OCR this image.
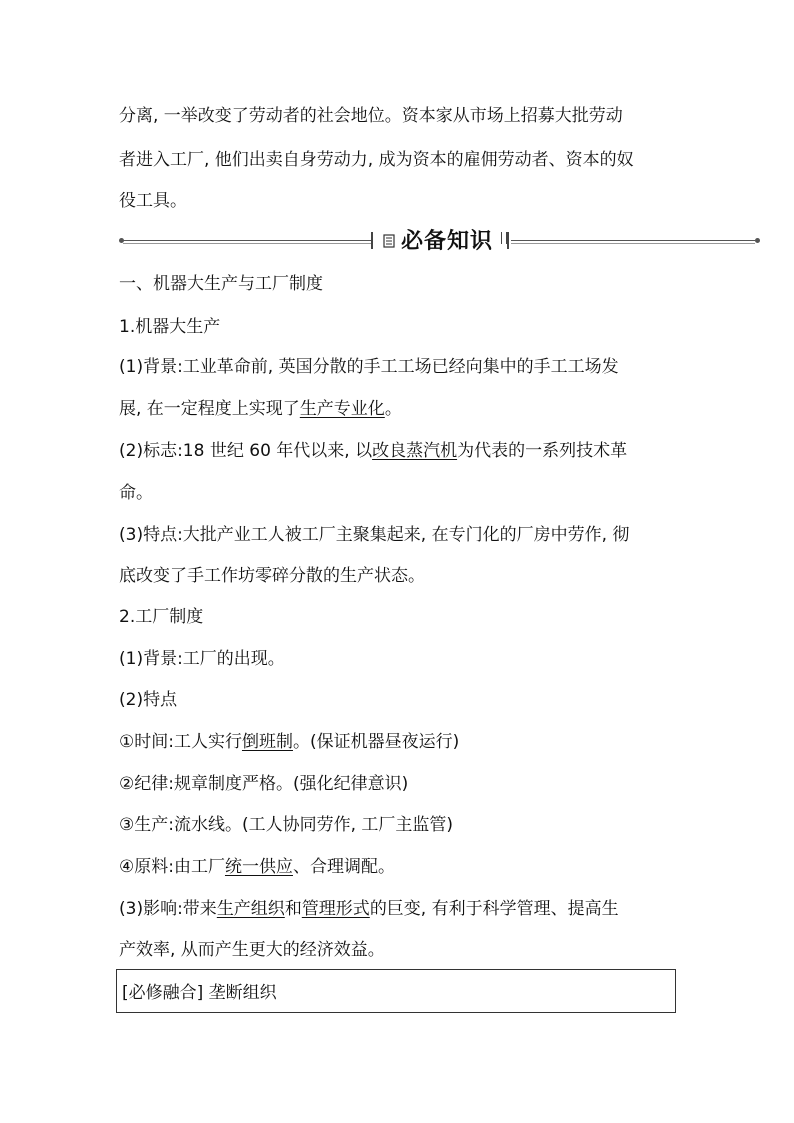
分离, 一举改变了劳动者的社会地位。资本家从市场上招募大批劳动
者进入工厂, 他们出卖自身劳动力, 成为资本的雇佣劳动者、资本的奴
役工具。
必备知识
一、机器大生产与工厂制度
1.机器大生产
(1)背景:工业革命前, 英国分散的手工工场已经向集中的手工工场发
展, 在一定程度上实现了生产专业化。
(2)标志:18 世纪 60 年代以来, 以改良蒸汽机为代表的一系列技术革
命。
(3)特点:大批产业工人被工厂主聚集起来, 在专门化的厂房中劳作, 彻
底改变了手工作坊零碎分散的生产状态。
2.工厂制度
(1)背景:工厂的出现。
(2)特点
①时间:工人实行倒班制。(保证机器昼夜运行)
②纪律:规章制度严格。(强化纪律意识)
③生产:流水线。(工人协同劳作, 工厂主监管)
④原料:由工厂统一供应、合理调配。
(3)影响:带来生产组织和管理形式的巨变, 有利于科学管理、提高生
产效率, 从而产生更大的经济效益。
[必修融合] 垄断组织
